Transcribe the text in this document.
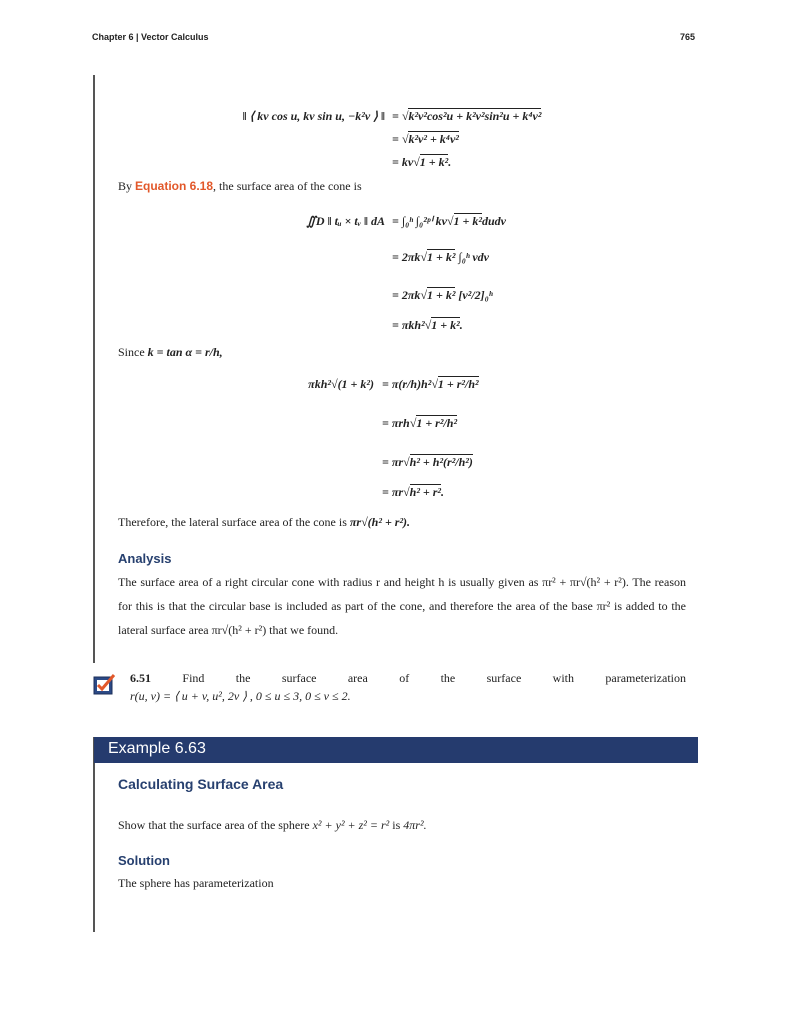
Chapter 6 | Vector Calculus	765
‖ ⟨ kv cos u, kv sin u, −k²v ⟩ ‖ = √k²v²cos²u + k²v²sin²u + k⁴v²
= √k²v² + k⁴v²
= kv√1 + k².
By Equation 6.18, the surface area of the cone is
∬D ‖ tᵤ × tᵥ ‖ dA = ∫₀ʰ ∫₀²ᵖⁱ kv√1 + k²dudv
= 2πk√1 + k² ∫₀ʰ vdv
= 2πk√1 + k² [v²/2]₀ʰ
= πkh²√1 + k².
Since k = tan α = r/h,
πkh²√(1 + k²) = π(r/h)h²√1 + r²/h²
= πrh√1 + r²/h²
= πr√h² + h²(r²/h²)
= πr√h² + r².
Therefore, the lateral surface area of the cone is πr√(h² + r²).
Analysis
The surface area of a right circular cone with radius r and height h is usually given as πr² + πr√(h² + r²). The reason for this is that the circular base is included as part of the cone, and therefore the area of the base πr² is added to the lateral surface area πr√(h² + r²) that we found.
6.51	Find the surface area of the surface with parameterization
r(u, v) = ⟨ u + v, u², 2v ⟩ , 0 ≤ u ≤ 3, 0 ≤ v ≤ 2.
Example 6.63
Calculating Surface Area
Show that the surface area of the sphere x² + y² + z² = r² is 4πr².
Solution
The sphere has parameterization
